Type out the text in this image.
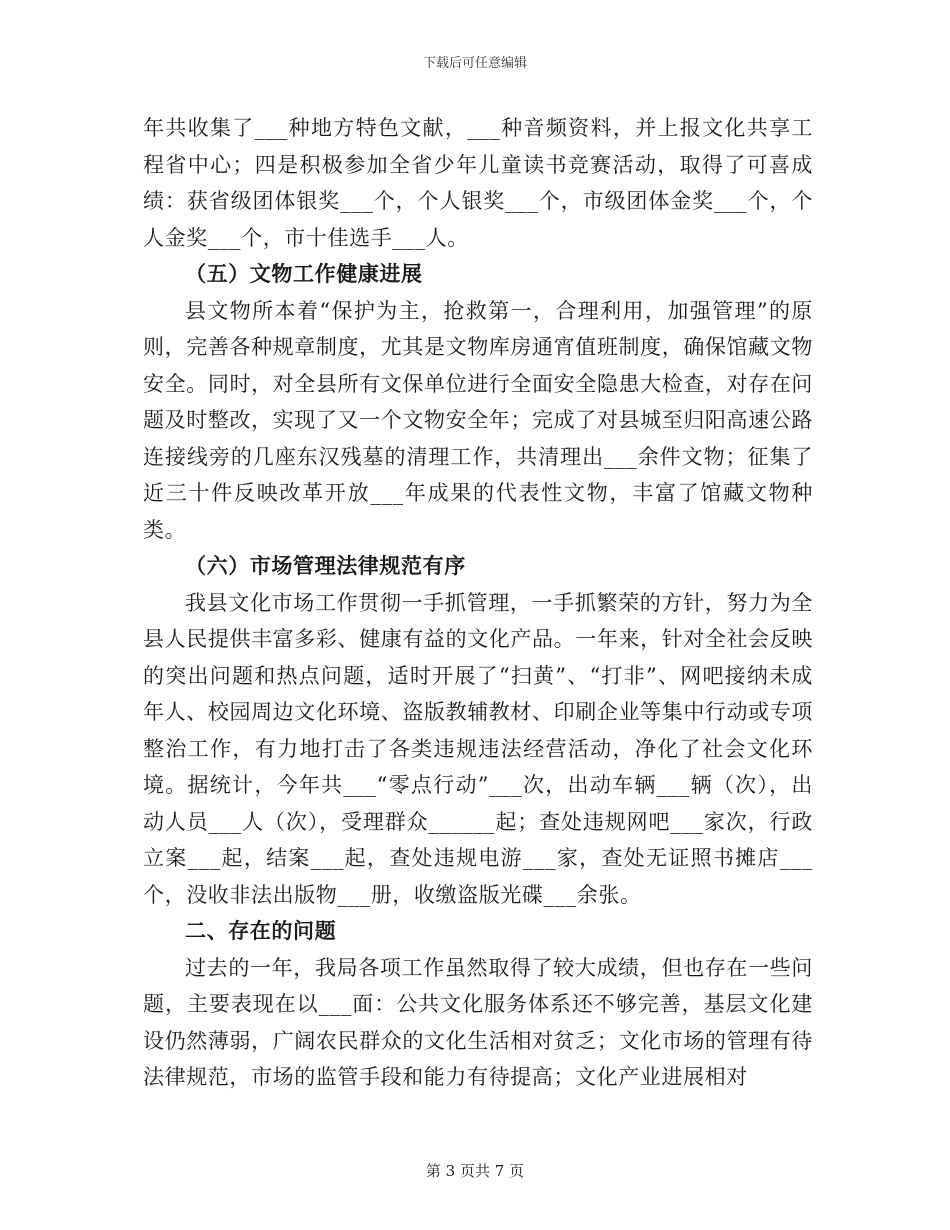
下载后可任意编辑

年共收集了___种地方特色文献，___种音频资料，并上报文化共享工程省中心；四是积极参加全省少年儿童读书竞赛活动，取得了可喜成绩：获省级团体银奖___个，个人银奖___个，市级团体金奖___个，个人金奖___个，市十佳选手___人。

（五）文物工作健康进展

县文物所本着“保护为主，抢救第一，合理利用，加强管理”的原则，完善各种规章制度，尤其是文物库房通宵值班制度，确保馆藏文物安全。同时，对全县所有文保单位进行全面安全隐患大检查，对存在问题及时整改，实现了又一个文物安全年；完成了对县城至归阳高速公路连接线旁的几座东汉残墓的清理工作，共清理出___余件文物；征集了近三十件反映改革开放___年成果的代表性文物，丰富了馆藏文物种类。

（六）市场管理法律规范有序

我县文化市场工作贯彻一手抓管理，一手抓繁荣的方针，努力为全县人民提供丰富多彩、健康有益的文化产品。一年来，针对全社会反映的突出问题和热点问题，适时开展了“扫黄”、“打非”、网吧接纳未成年人、校园周边文化环境、盗版教辅教材、印刷企业等集中行动或专项整治工作，有力地打击了各类违规违法经营活动，净化了社会文化环境。据统计，今年共___“零点行动”___次，出动车辆___辆（次），出动人员___人（次），受理群众______起；查处违规网吧___家次，行政立案___起，结案___起，查处违规电游___家，查处无证照书摊店___个，没收非法出版物___册，收缴盗版光碟___余张。

二、存在的问题

过去的一年，我局各项工作虽然取得了较大成绩，但也存在一些问题，主要表现在以___面：公共文化服务体系还不够完善，基层文化建设仍然薄弱，广阔农民群众的文化生活相对贫乏；文化市场的管理有待法律规范，市场的监管手段和能力有待提高；文化产业进展相对

第 3 页共 7 页
